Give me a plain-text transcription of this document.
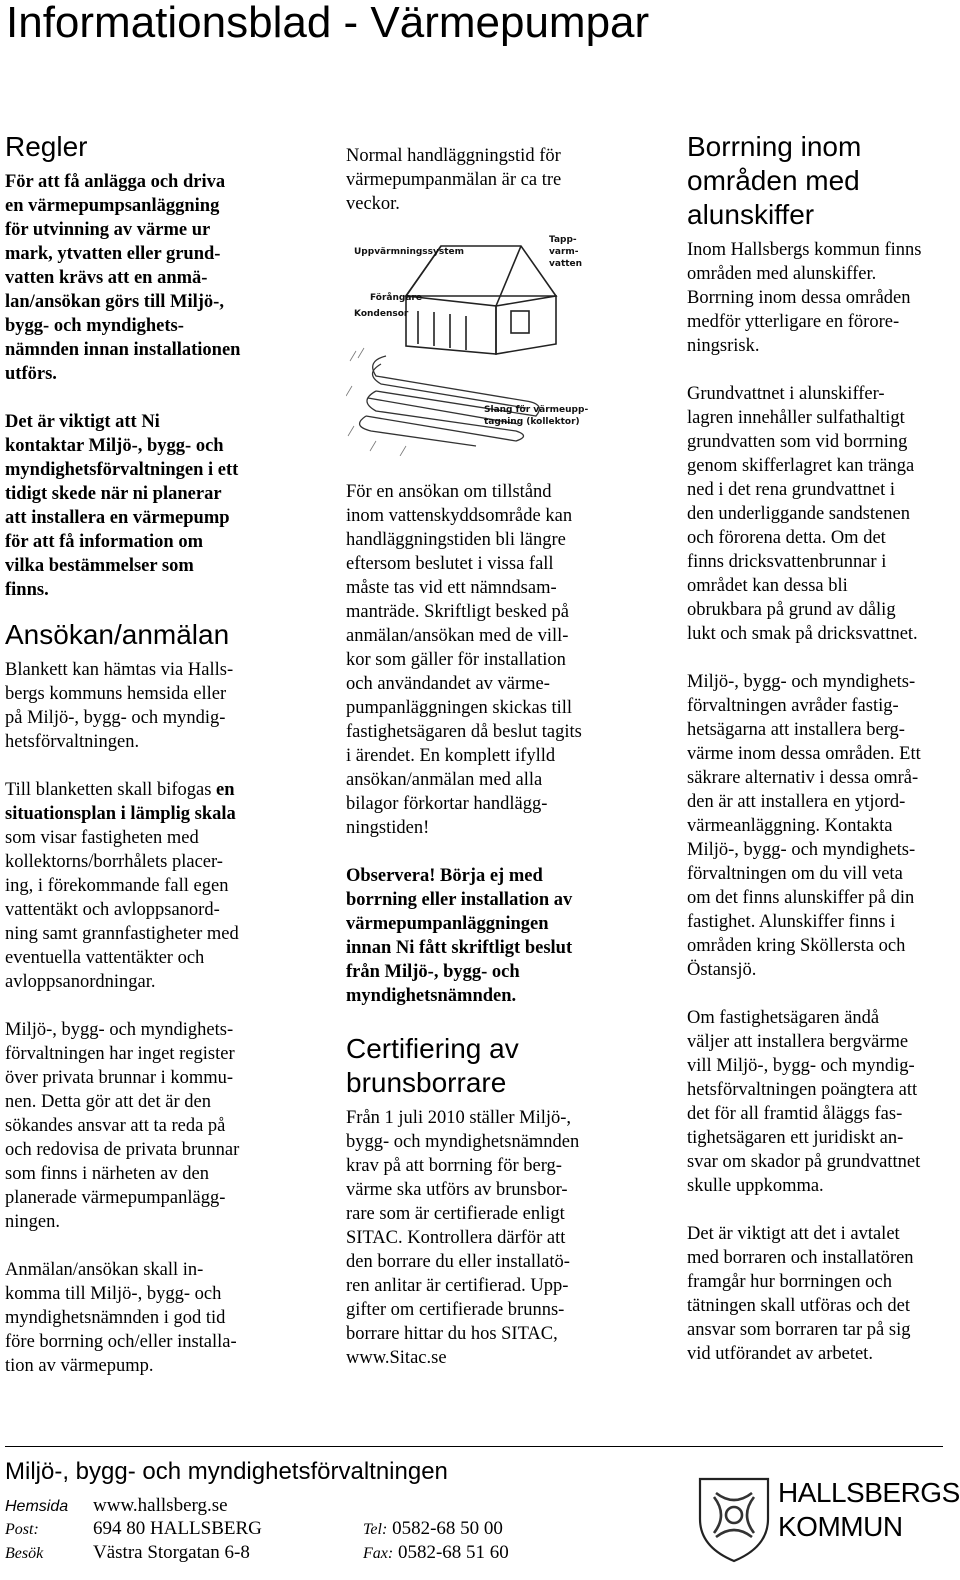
Informationsblad - Värmepumpar
Regler

För att få anlägga och driva
en värmepumpsanläggning
för utvinning av värme ur
mark, ytvatten eller grund-
vatten krävs att en anmä-
lan/ansökan görs till Miljö-,
bygg- och myndighets-
nämnden innan installationen
utförs.

Det är viktigt att Ni
kontaktar Miljö-, bygg- och
myndighetsförvaltningen i ett
tidigt skede när ni planerar
att installera en värmepump
för att få information om
vilka bestämmelser som
finns.

Ansökan/anmälan

Blankett kan hämtas via Halls-
bergs kommuns hemsida eller
på Miljö-, bygg- och myndig-
hetsförvaltningen.

Till blanketten skall bifogas en
situationsplan i lämplig skala
som visar fastigheten med
kollektorns/borrhålets placer-
ing, i förekommande fall egen
vattentäkt och avloppsanord-
ning samt grannfastigheter med
eventuella vattentäkter och
avloppsanordningar.

Miljö-, bygg- och myndighets-
förvaltningen har inget register
över privata brunnar i kommu-
nen. Detta gör att det är den
sökandes ansvar att ta reda på
och redovisa de privata brunnar
som finns i närheten av den
planerade värmepumpanlägg-
ningen.

Anmälan/ansökan skall in-
komma till Miljö-, bygg- och
myndighetsnämnden i god tid
före borrning och/eller installa-
tion av värmepump.

Normal handläggningstid för
värmepumpanmälan är ca tre
veckor.

Uppvärmningssystem
Tapp-
varm-
vatten
Förångare
Kondensor
Slang för värmeupp-
tagning (kollektor)

För en ansökan om tillstånd
inom vattenskyddsområde kan
handläggningstiden bli längre
eftersom beslutet i vissa fall
måste tas vid ett nämndsam-
manträde. Skriftligt besked på
anmälan/ansökan med de vill-
kor som gäller för installation
och användandet av värme-
pumpanläggningen skickas till
fastighetsägaren då beslut tagits
i ärendet. En komplett ifylld
ansökan/anmälan med alla
bilagor förkortar handlägg-
ningstiden!

Observera! Börja ej med
borrning eller installation av
värmepumpanläggningen
innan Ni fått skriftligt beslut
från Miljö-, bygg- och
myndighetsnämnden.

Certifiering av
brunsborrare

Från 1 juli 2010 ställer Miljö-,
bygg- och myndighetsnämnden
krav på att borrning för berg-
värme ska utförs av brunsbor-
rare som är certifierade enligt
SITAC. Kontrollera därför att
den borrare du eller installatö-
ren anlitar är certifierad. Upp-
gifter om certifierade brunns-
borrare hittar du hos SITAC,
www.Sitac.se

Borrning inom
områden med
alunskiffer

Inom Hallsbergs kommun finns
områden med alunskiffer.
Borrning inom dessa områden
medför ytterligare en förore-
ningsrisk.

Grundvattnet i alunskiffer-
lagren innehåller sulfathaltigt
grundvatten som vid borrning
genom skifferlagret kan tränga
ned i det rena grundvattnet i
den underliggande sandstenen
och förorena detta. Om det
finns dricksvattenbrunnar i
området kan dessa bli
obrukbara på grund av dålig
lukt och smak på dricksvattnet.

Miljö-, bygg- och myndighets-
förvaltningen avråder fastig-
hetsägarna att installera berg-
värme inom dessa områden. Ett
säkrare alternativ i dessa områ-
den är att installera en ytjord-
värmeanläggning. Kontakta
Miljö-, bygg- och myndighets-
förvaltningen om du vill veta
om det finns alunskiffer på din
fastighet. Alunskiffer finns i
områden kring Sköllersta och
Östansjö.

Om fastighetsägaren ändå
väljer att installera bergvärme
vill Miljö-, bygg- och myndig-
hetsförvaltningen poängtera att
det för all framtid åläggs fas-
tighetsägaren ett juridiskt an-
svar om skador på grundvattnet
skulle uppkomma.

Det är viktigt att det i avtalet
med borraren och installatören
framgår hur borrningen och
tätningen skall utföras och det
ansvar som borraren tar på sig
vid utförandet av arbetet.

Miljö-, bygg- och myndighetsförvaltningen
Hemsida www.hallsberg.se
Post:	694 80 HALLSBERG	Tel: 0582-68 50 00
Besök	Västra Storgatan 6-8	Fax: 0582-68 51 60
HALLSBERGS
KOMMUN
